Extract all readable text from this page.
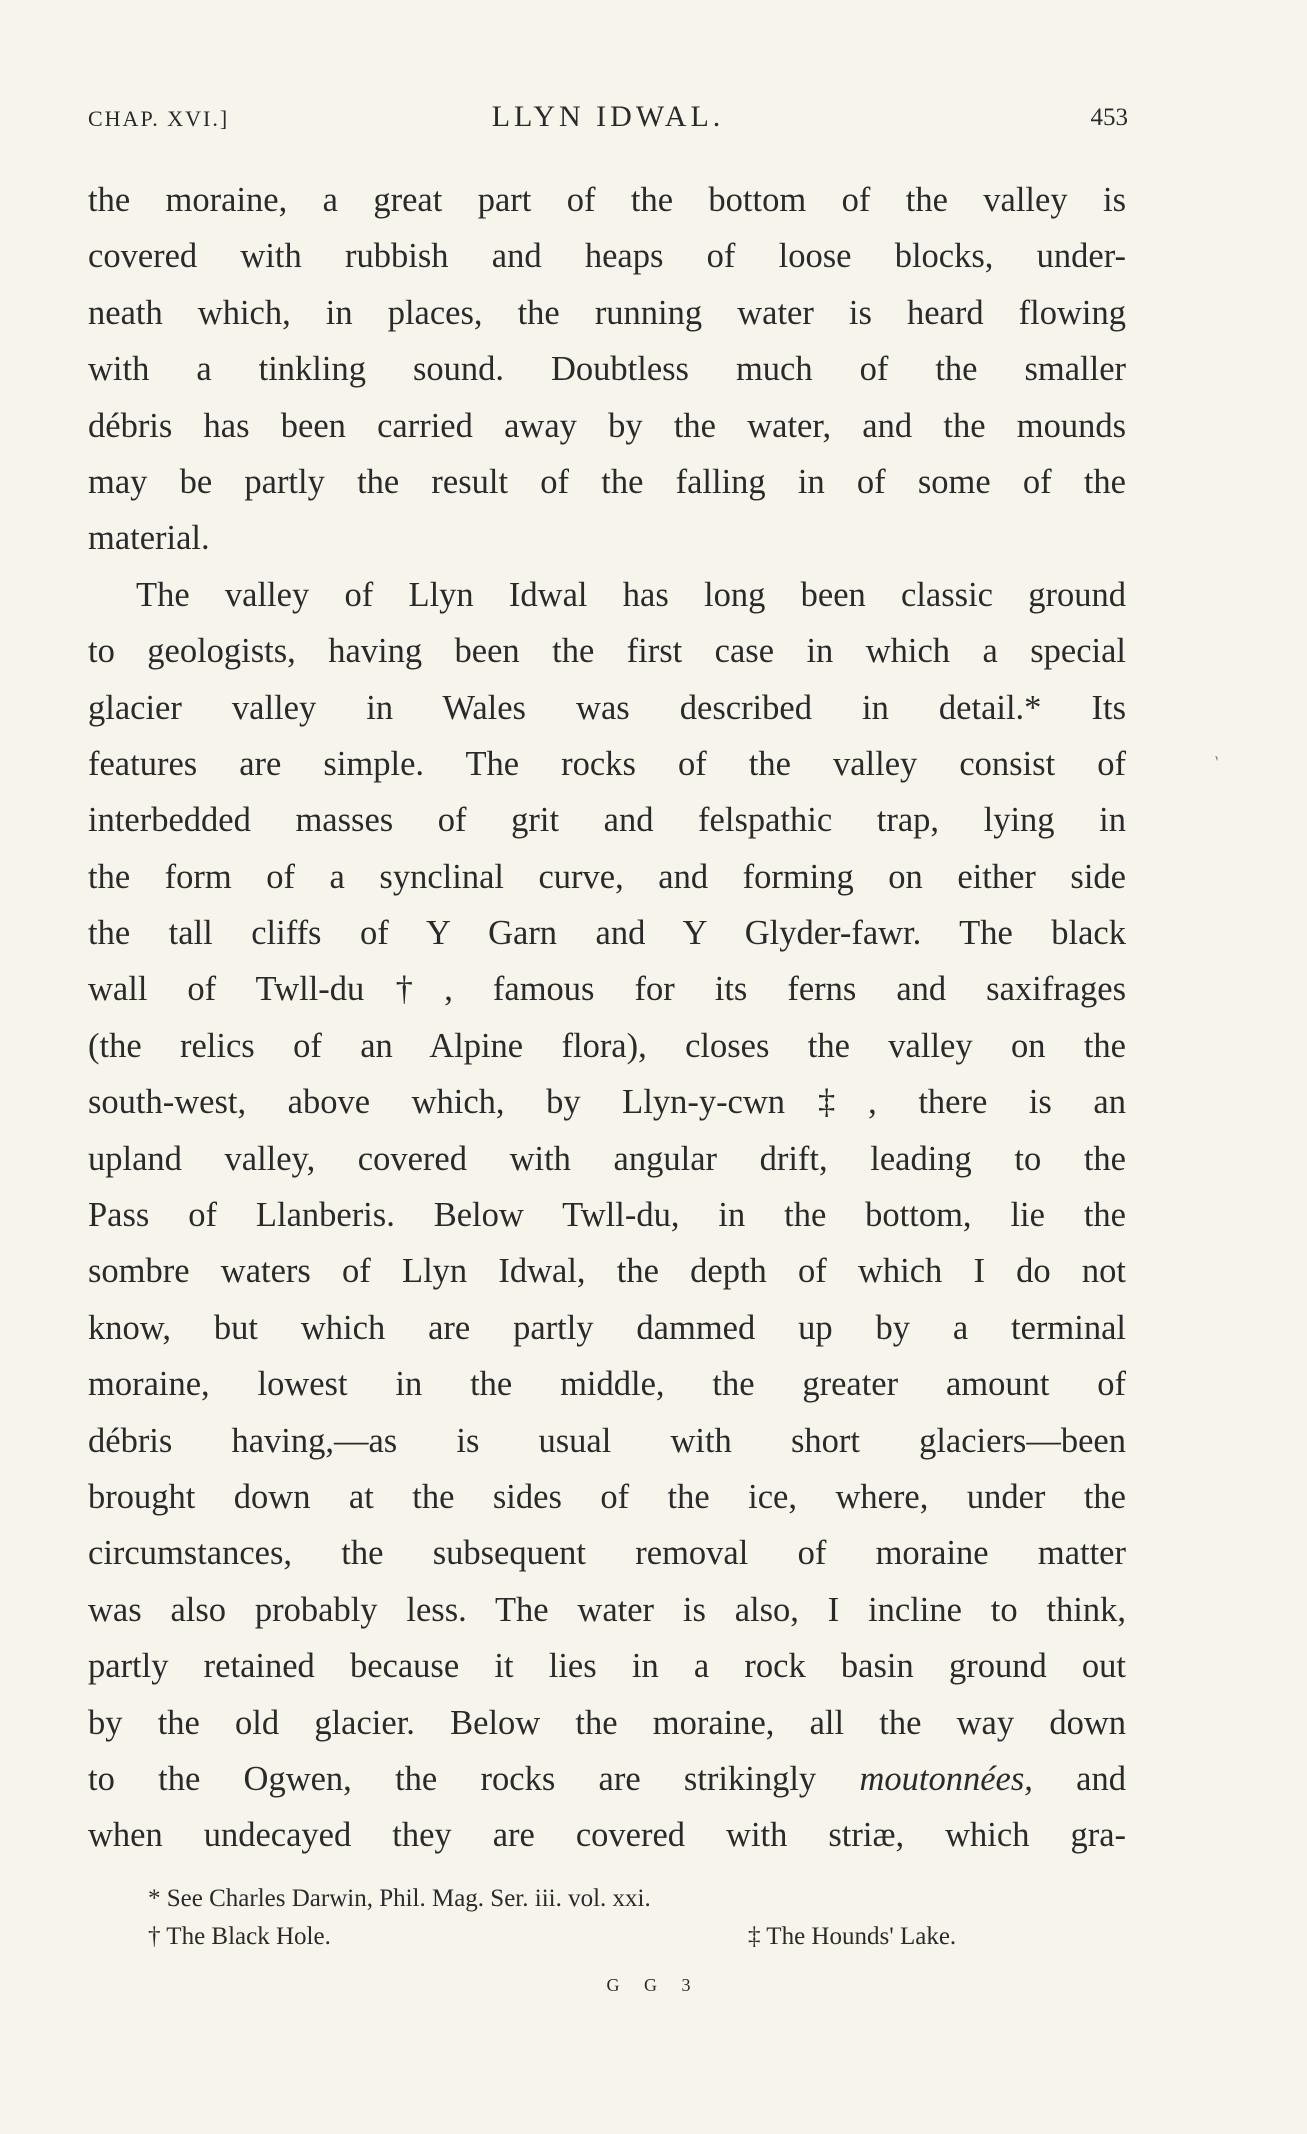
CHAP. XVI.]	LLYN IDWAL.	453
the moraine, a great part of the bottom of the valley is
covered with rubbish and heaps of loose blocks, under-
neath which, in places, the running water is heard flowing
with a tinkling sound. Doubtless much of the smaller
débris has been carried away by the water, and the mounds
may be partly the result of the falling in of some of the
material.
The valley of Llyn Idwal has long been classic ground
to geologists, having been the first case in which a special
glacier valley in Wales was described in detail.* Its
features are simple. The rocks of the valley consist of
interbedded masses of grit and felspathic trap, lying in
the form of a synclinal curve, and forming on either side
the tall cliffs of Y Garn and Y Glyder-fawr. The black
wall of Twll-du†, famous for its ferns and saxifrages
(the relics of an Alpine flora), closes the valley on the
south-west, above which, by Llyn-y-cwn‡, there is an
upland valley, covered with angular drift, leading to the
Pass of Llanberis. Below Twll-du, in the bottom, lie the
sombre waters of Llyn Idwal, the depth of which I do not
know, but which are partly dammed up by a terminal
moraine, lowest in the middle, the greater amount of
débris having,—as is usual with short glaciers—been
brought down at the sides of the ice, where, under the
circumstances, the subsequent removal of moraine matter
was also probably less. The water is also, I incline to think,
partly retained because it lies in a rock basin ground out
by the old glacier. Below the moraine, all the way down
to the Ogwen, the rocks are strikingly moutonnées, and
when undecayed they are covered with striæ, which gra-
ˎ
* See Charles Darwin, Phil. Mag. Ser. iii. vol. xxi.
† The Black Hole.	‡ The Hounds' Lake.
G G 3
